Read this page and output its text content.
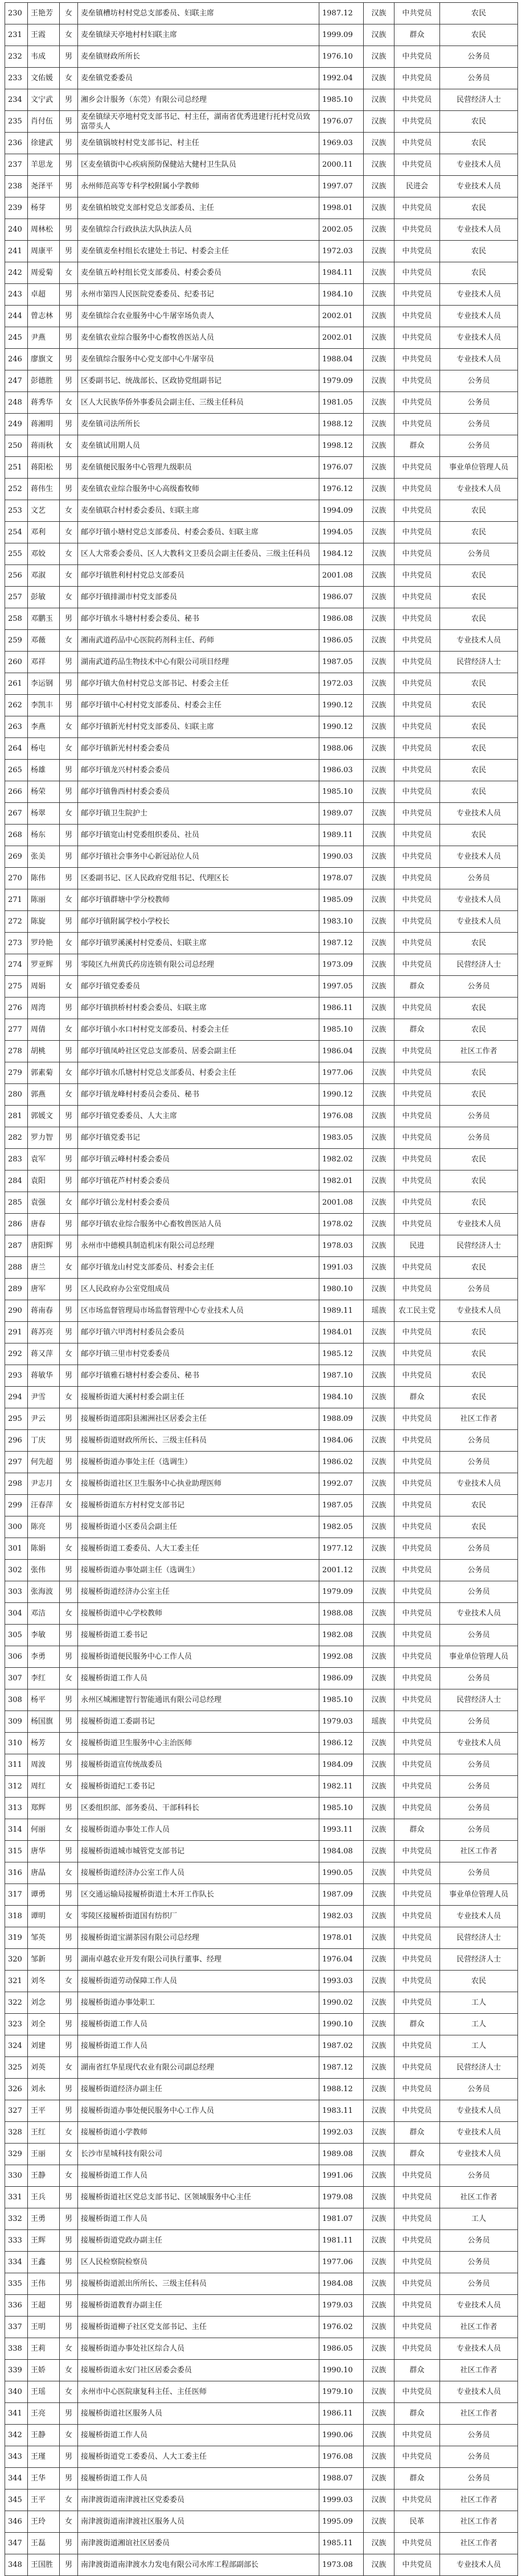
230	王艳芳	女	麦垒镇槽坊村村党总支部委员、妇联主席	1987.12	汉族	中共党员	农民
231	王霞	女	麦垒镇绿天亭地村村妇联主席	1999.09	汉族	群众	农民
232	韦成	男	麦垒镇财政所所长	1976.10	汉族	中共党员	公务员
233	文佑媛	女	麦垒镇党委委员	1992.04	汉族	中共党员	公务员
234	文宁武	男	湘乡会计服务（东莞）有限公司总经理	1985.10	汉族	中共党员	民营经济人士
235	肖付伍	男	麦垒镇绿天亭地村党支部书记、村主任，湖南省优秀进建行托村党员致富带头人	1976.07	汉族	中共党员	农民
236	徐建武	男	麦垒镇锅坡村村党支部书记、村主任	1969.03	汉族	中共党员	农民
237	羊思龙	男	区麦垒镇街中心疾病预防保健站大健村卫生队员	2000.11	汉族	中共党员	专业技术人员
238	尧泽平	男	永州师范高等专科学校附属小学教师	1997.07	汉族	民进会	专业技术人员
239	杨芽	男	麦垒镇柏坡党支部村党总支部委员、主任	1998.01	汉族	中共党员	农民
240	周林松	男	麦垒镇综合行政执法大队执法人员	2002.05	汉族	中共党员	专业技术人员
241	周康平	男	麦垒镇麦垒村组长农建处土书记、村委会主任	1972.03	汉族	中共党员	农民
242	周爱菊	女	麦垒镇五岭村组长党支部委员、村委会委员	1984.11	汉族	中共党员	农民
243	卓超	男	永州市第四人民医院党委委员、纪委书记	1984.10	汉族	中共党员	专业技术人员
244	曾志林	男	麦垒镇综合农业服务中心牛屠宰场负责人	2002.01	汉族	中共党员	专业技术人员
245	尹燕	男	麦垒镇农业综合服务中心畜牧兽医站人员	2002.01	汉族	中共党员	专业技术人员
246	廖旗文	男	麦垒镇综合服务中心党支部中心牛屠宰员	1988.04	汉族	中共党员	专业技术人员
247	彭德胜	男	区委副书记、统战部长、区政协党组副书记	1979.09	汉族	中共党员	公务员
248	蒋秀华	女	区人大民族华侨外事委员会副主任、三级主任科员	1981.05	汉族	中共党员	公务员
249	蒋湘明	男	麦垒镇司法所所长	1988.12	汉族	中共党员	公务员
250	蒋雨秋	女	麦垒镇试用期人员	1998.12	汉族	群众	公务员
251	蒋阳松	男	麦垒镇便民服务中心管理九级职员	1976.07	汉族	中共党员	事业单位管理人员
252	蒋伟生	男	麦垒镇农业综合服务中心高级畜牧师	1976.12	汉族	中共党员	专业技术人员
253	文艺	女	麦垒镇联合村村委会委员、妇联主席	1994.09	汉族	中共党员	农民
254	邓利	女	邮亭圩镇小塘村党总支部委员、村委会委员、妇联主席	1994.05	汉族	中共党员	农民
255	邓姣	女	区人大常委会委员、区人大教科文卫委员会副主任委员、三级主任科员	1984.12	汉族	中共党员	公务员
256	邓淑	女	邮亭圩镇胜利村村党总支部委员	2001.08	汉族	中共党员	农民
257	彭敏	女	邮亭圩镇排湖市村党支部委员	1986.07	汉族	中共党员	农民
258	邓鹏玉	男	邮亭圩镇水斗塘村村委会委员、秘书	1986.08	汉族	中共党员	农民
259	邓薇	女	湘南武道药品中心医院药剂科主任、药师	1986.05	汉族	中共党员	专业技术人员
260	邓祥	男	湖南武道药品生物技术中心有限公司项目经理	1987.05	汉族	中共党员	民营经济人士
261	李运钢	男	邮亭圩镇大鱼村村党总支部书记、村委会主任	1972.03	汉族	中共党员	农民
262	李凯丰	男	邮亭圩镇中心村村党支部委员、村委会主任	1990.12	汉族	中共党员	农民
263	李燕	女	邮亭圩镇新光村村党支部委员、妇联主席	1990.12	汉族	中共党员	农民
264	杨屯	女	邮亭圩镇新光村村委会委员	1988.06	汉族	中共党员	农民
265	杨雄	男	邮亭圩镇龙兴村村委会委员	1986.03	汉族	中共党员	农民
266	杨荣	男	邮亭圩镇鲁西村村委会委员	1985.10	汉族	中共党员	农民
267	杨翠	女	邮亭圩镇卫生院护士	1989.07	汉族	中共党员	专业技术人员
268	杨东	男	邮亭圩镇宽山村党委组织委员、社员	1989.11	汉族	中共党员	农民
269	张美	男	邮亭圩镇社会事务中心新冠站位人员	1990.03	汉族	中共党员	专业技术人员
270	陈伟	男	区委副书记、区人民政府党组书记、代理区长	1978.07	汉族	中共党员	公务员
271	陈丽	女	邮亭圩镇群塘中学分校教师	1985.09	汉族	中共党员	专业技术人员
272	陈旋	男	邮亭圩镇附属学校小学校长	1983.10	汉族	中共党员	专业技术人员
273	罗玲艳	女	邮亭圩镇罗溪溪村村党委员、妇联主席	1987.12	汉族	中共党员	农民
274	罗亚辉	男	零陵区九州黄氏药房连锁有限公司总经理	1973.09	汉族	中共党员	民营经济人士
275	周娟	女	邮亭圩镇党委委员	1997.05	汉族	群众	公务员
276	周湾	男	邮亭圩镇拱桥村村委会委员、妇联主席	1986.11	汉族	中共党员	农民
277	周倩	女	邮亭圩镇小水口村村党支部委员、村委会主任	1985.10	汉族	群众	农民
278	胡桃	男	邮亭圩镇凤岭社区党总支部委员、居委会副主任	1986.04	汉族	中共党员	社区工作者
279	郭素菊	女	邮亭圩镇水爪塘村村党总支部委员、村委会主任	1977.06	汉族	中共党员	农民
280	郭燕	女	邮亭圩镇龙峰村村委员会委员、秘书	1990.12	汉族	中共党员	农民
281	郭媛文	男	邮亭圩镇党委委员、人大主席	1976.08	汉族	中共党员	公务员
282	罗力智	男	邮亭圩镇党委书记	1983.05	汉族	中共党员	公务员
283	袁军	男	邮亭圩镇云峰村村委会委员	1982.02	汉族	中共党员	农民
284	袁阳	男	邮亭圩镇花芦村村委会委员	1982.01	汉族	中共党员	农民
285	袁强	女	邮亭圩镇公龙村村委会委员	2001.08	汉族	中共党员	农民
286	唐春	男	邮亭圩镇农业综合服务中心畜牧兽医站人员	1978.02	汉族	中共党员	专业技术人员
287	唐阳辉	男	永州市中德模具制造机床有限公司总经理	1978.03	汉族	民进	民营经济人士
288	唐兰	女	邮亭圩镇龙山村党支部委员、村委会主任	1991.03	汉族	中共党员	农民
289	唐军	男	区人民政府办公室党组成员	1980.10	汉族	中共党员	公务员
290	蒋南春	男	区市场监督管理局市场监督管理中心专业技术人员	1989.11	瑶族	农工民主党	专业技术人员
291	蒋苏亮	男	邮亭圩镇六甲湾村村委员会委员	1984.01	汉族	中共党员	农民
292	蒋又萍	女	邮亭圩镇三里市村党委委员	1985.12	汉族	中共党员	农民
293	蒋敏华	男	邮亭圩镇雅石塘村村委会委员、秘书	1987.10	汉族	中共党员	农民
294	尹雪	女	接履桥街道大溪村村委会副主任	1984.10	汉族	群众	农民
295	尹云	男	接履桥街道邵阳县湘洲社区居委会主任	1988.09	汉族	中共党员	社区工作者
296	丁庆	男	接履桥街道财政所所长、三级主任科员	1984.06	汉族	中共党员	公务员
297	何先超	男	接履桥街道办事处主任（选调生）	1986.02	汉族	中共党员	公务员
298	尹志月	女	接履桥街道社区卫生服务中心执业助理医师	1992.07	汉族	中共党员	专业技术人员
299	汪春萍	女	接履桥街道东方村村党支部书记	1987.05	汉族	中共党员	农民
300	陈亮	男	接履桥街道小区委员会副主任	1982.05	汉族	中共党员	农民
301	陈娟	女	接履桥街道工委委员、人大工委主任	1977.12	汉族	中共党员	公务员
302	张伟	男	接履桥街道办事处副主任（选调生）	2001.12	汉族	中共党员	公务员
303	张海波	男	接履桥街道经济办公室主任	1979.09	汉族	中共党员	公务员
304	邓洁	女	接履桥街道中心学校教师	1988.08	汉族	中共党员	专业技术人员
305	李敏	男	接履桥街道工委书记	1982.08	汉族	中共党员	公务员
306	李勇	男	接履桥街道便民服务中心工作人员	1992.08	汉族	中共党员	事业单位管理人员
307	李红	女	接履桥街道工作人员	1986.09	汉族	中共党员	公务员
308	杨平	男	永州区城湘建智行智能通讯有限公司总经理	1985.10	汉族	中共党员	民营经济人士
309	杨国旗	男	接履桥街道工委副书记	1979.03	瑶族	中共党员	公务员
310	杨芳	女	接履桥街道卫生服务中心主治医师	1986.12	汉族	中共党员	专业技术人员
311	周波	男	接履桥街道宣传统战委员	1984.09	汉族	中共党员	公务员
312	周红	女	接履桥街道纪工委书记	1982.11	汉族	中共党员	公务员
313	郑辉	男	区委组织部、部务委员、干部科科长	1985.10	汉族	中共党员	公务员
314	何丽	女	接履桥街道办事处工作人员	1993.11	汉族	群众	公务员
315	唐华	男	接履桥街道城市城管党支部书记	1984.08	汉族	中共党员	社区工作者
316	唐晶	女	接履桥街道经济办公室工作人员	1990.05	汉族	中共党员	公务员
317	谭勇	男	区交通运输局接履桥街道土木开工作队长	1987.09	汉族	中共党员	事业单位管理人员
318	谭明	女	零陵区接履桥街道国有纺织厂	1982.03	汉族	中共党员	专业技术人员
319	邹英	男	接履桥街道宝湖茶园有限公司总经理	1978.01	汉族	中共党员	民营经济人士
320	邹新	男	湖南卓越农业开发有限公司执行董事、经理	1976.04	汉族	中共党员	民营经济人士
321	刘冬	女	接履桥街道劳动保障工作人员	1993.03	汉族	中共党员	农民
322	刘念	男	接履桥街道办事处职工	1990.02	汉族	中共党员	工人
323	刘全	男	接履桥街道工作人员	1990.10	汉族	群众	工人
324	刘建	男	接履桥街道工作人员	1987.02	汉族	中共党员	工人
325	刘英	女	湖南省红华星现代农业有限公司副总经理	1987.12	汉族	中共党员	民营经济人士
326	刘永	男	接履桥街道经济办副主任	1988.12	汉族	中共党员	公务员
327	王平	男	接履桥街道办事处便民服务中心工作人员	1983.11	汉族	中共党员	专业技术人员
328	王红	女	接履桥街道小学教师	1992.03	汉族	群众	专业技术人员
329	王丽	女	长沙市星城科技有限公司	1989.08	汉族	群众	专业技术人员
330	王静	女	接履桥街道工作人员	1991.06	汉族	中共党员	公务员
331	王兵	男	接履桥街道社区党总支部书记、区领域服务中心主任	1979.08	汉族	中共党员	社区工作者
332	王勇	男	接履桥街道工作人员	1981.07	汉族	中共党员	工人
333	王辉	男	接履桥街道党政办副主任	1981.11	汉族	中共党员	公务员
334	王鑫	男	区人民检察院检察员	1977.06	汉族	中共党员	公务员
335	王伟	男	接履桥街道派出所所长、三级主任科员	1984.08	汉族	中共党员	公务员
336	王超	男	接履桥街道教育办副主任	1979.03	汉族	中共党员	专业技术人员
337	王明	男	接履桥街道柳子社区党支部书记、主任	1976.02	汉族	中共党员	社区工作者
338	王莉	女	接履桥街道办事处社区综合人员	1986.05	汉族	中共党员	专业技术人员
339	王娇	女	接履桥街道永安门社区居委会委员	1990.10	汉族	群众	社区工作者
340	王瑶	女	永州市中心医院康复科主任、主任医师	1979.10	汉族	中共党员	专业技术人员
341	王亮	男	接履桥街道社区服务人员	1986.11	汉族	群众	社区工作者
342	王静	女	接履桥街道工作人员	1990.06	汉族	中共党员	公务员
343	王瑾	男	接履桥街道党工委委员、人大工委主任	1976.08	汉族	中共党员	公务员
344	王华	男	接履桥街道工作人员	1988.07	汉族	群众	公务员
345	王平	女	南津渡街道南津渡社区党委委员	1999.03	汉族	中共党员	社区工作者
346	王玲	女	南津渡街道南津渡社区服务人员	1995.09	汉族	民革	社区工作者
347	王磊	男	南津渡街道湘谊社区居委员	1985.11	汉族	中共党员	社区工作者
348	王国胜	男	南津渡街道南津渡水力发电有限公司水库工程部副部长	1973.08	汉族	中共党员	专业技术人员
